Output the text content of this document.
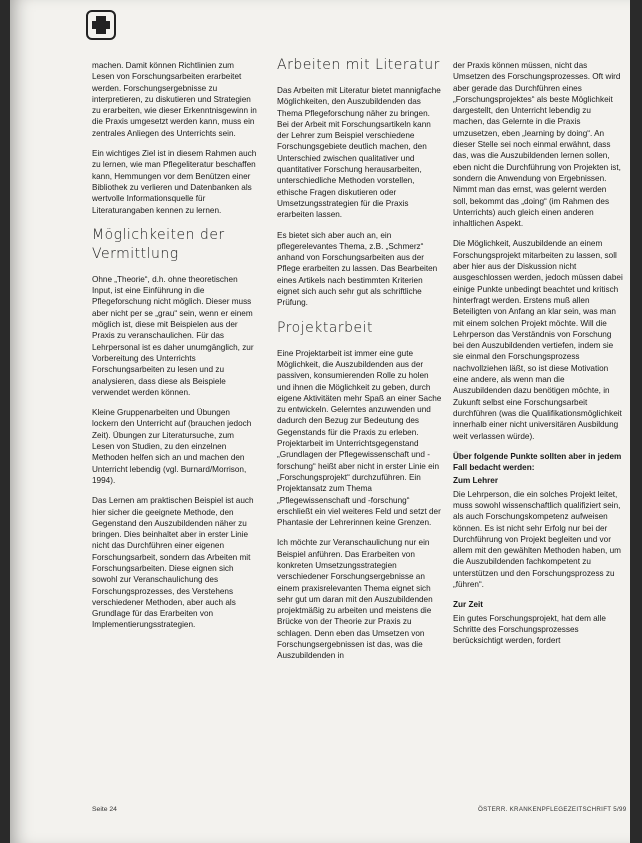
machen. Damit können Richtlinien zum Lesen von Forschungsarbeiten erarbeitet werden. Forschungsergebnisse zu interpretieren, zu diskutieren und Strategien zu erarbeiten, wie dieser Erkenntnisgewinn in die Praxis umgesetzt werden kann, muss ein zentrales Anliegen des Unterrichts sein.

Ein wichtiges Ziel ist in diesem Rahmen auch zu lernen, wie man Pflegeliteratur beschaffen kann, Hemmungen vor dem Benützen einer Bibliothek zu verlieren und Datenbanken als wertvolle Informationsquelle für Literaturangaben kennen zu lernen.

Möglichkeiten der Vermittlung

Ohne „Theorie“, d.h. ohne theoretischen Input, ist eine Einführung in die Pflegeforschung nicht möglich. Dieser muss aber nicht per se „grau“ sein, wenn er einem möglich ist, diese mit Beispielen aus der Praxis zu veranschaulichen. Für das Lehrpersonal ist es daher unumgänglich, zur Vorbereitung des Unterrichts Forschungsarbeiten zu lesen und zu analysieren, dass diese als Beispiele verwendet werden können.

Kleine Gruppenarbeiten und Übungen lockern den Unterricht auf (brauchen jedoch Zeit). Übungen zur Literatursuche, zum Lesen von Studien, zu den einzelnen Methoden helfen sich an und machen den Unterricht lebendig (vgl. Burnard/Morrison, 1994).

Das Lernen am praktischen Beispiel ist auch hier sicher die geeignete Methode, den Gegenstand den Auszubildenden näher zu bringen. Dies beinhaltet aber in erster Linie nicht das Durchführen einer eigenen Forschungsarbeit, sondern das Arbeiten mit Forschungsarbeiten. Diese eignen sich sowohl zur Veranschaulichung des Forschungsprozesses, des Verstehens verschiedener Methoden, aber auch als Grundlage für das Erarbeiten von Implementierungsstrategien.

Arbeiten mit Literatur

Das Arbeiten mit Literatur bietet mannigfache Möglichkeiten, den Auszubildenden das Thema Pflegeforschung näher zu bringen. Bei der Arbeit mit Forschungsartikeln kann der Lehrer zum Beispiel verschiedene Forschungsgebiete deutlich machen, den Unterschied zwischen qualitativer und quantitativer Forschung herausarbeiten, unterschiedliche Methoden vorstellen, ethische Fragen diskutieren oder Umsetzungsstrategien für die Praxis erarbeiten lassen.

Es bietet sich aber auch an, ein pflegerelevantes Thema, z.B. „Schmerz“ anhand von Forschungsarbeiten aus der Pflege erarbeiten zu lassen. Das Bearbeiten eines Artikels nach bestimmten Kriterien eignet sich auch sehr gut als schriftliche Prüfung.

Projektarbeit

Eine Projektarbeit ist immer eine gute Möglichkeit, die Auszubildenden aus der passiven, konsumierenden Rolle zu holen und ihnen die Möglichkeit zu geben, durch eigene Aktivitäten mehr Spaß an einer Sache zu entwickeln. Gelerntes anzuwenden und dadurch den Bezug zur Bedeutung des Gegenstands für die Praxis zu erleben. Projektarbeit im Unterrichtsgegenstand „Grundlagen der Pflegewissenschaft und -forschung“ heißt aber nicht in erster Linie ein „Forschungsprojekt“ durchzuführen. Ein Projektansatz zum Thema „Pflegewissenschaft und -forschung“ erschließt ein viel weiteres Feld und setzt der Phantasie der Lehrerinnen keine Grenzen.

Ich möchte zur Veranschaulichung nur ein Beispiel anführen. Das Erarbeiten von konkreten Umsetzungsstrategien verschiedener Forschungsergebnisse an einem praxisrelevanten Thema eignet sich sehr gut um daran mit den Auszubildenden projektmäßig zu arbeiten und meistens die Brücke von der Theorie zur Praxis zu schlagen. Denn eben das Umsetzen von Forschungsergebnissen ist das, was die Auszubildenden in

der Praxis können müssen, nicht das Umsetzen des Forschungsprozesses. Oft wird aber gerade das Durchführen eines „Forschungsprojektes“ als beste Möglichkeit dargestellt, den Unterricht lebendig zu machen, das Gelernte in die Praxis umzusetzen, eben „learning by doing“. An dieser Stelle sei noch einmal erwähnt, dass das, was die Auszubildenden lernen sollen, eben nicht die Durchführung von Projekten ist, sondern die Anwendung von Ergebnissen. Nimmt man das ernst, was gelernt werden soll, bekommt das „doing“ (im Rahmen des Unterrichts) auch gleich einen anderen inhaltlichen Aspekt.

Die Möglichkeit, Auszubildende an einem Forschungsprojekt mitarbeiten zu lassen, soll aber hier aus der Diskussion nicht ausgeschlossen werden, jedoch müssen dabei einige Punkte unbedingt beachtet und kritisch hinterfragt werden. Erstens muß allen Beteiligten von Anfang an klar sein, was man mit einem solchen Projekt möchte. Will die Lehrperson das Verständnis von Forschung bei den Auszubildenden vertiefen, indem sie sie einmal den Forschungsprozess nachvollziehen läßt, so ist diese Motivation eine andere, als wenn man die Auszubildenden dazu benötigen möchte, in Zukunft selbst eine Forschungsarbeit durchführen (was die Qualifikationsmöglichkeit innerhalb einer nicht universitären Ausbildung weit verlassen würde).

Über folgende Punkte sollten aber in jedem Fall bedacht werden:

Zum Lehrer

Die Lehrperson, die ein solches Projekt leitet, muss sowohl wissenschaftlich qualifiziert sein, als auch Forschungskompetenz aufweisen können. Es ist nicht sehr Erfolg nur bei der Durchführung von Projekt begleiten und vor allem mit den gewählten Methoden haben, um die Auszubildenden fachkompetent zu unterstützen und den Forschungsprozess zu „führen“.

Zur Zeit

Ein gutes Forschungsprojekt, hat dem alle Schritte des Forschungsprozesses berücksichtigt werden, fordert

Seite 24	ÖSTERR. KRANKENPFLEGEZEITSCHRIFT 5/99
